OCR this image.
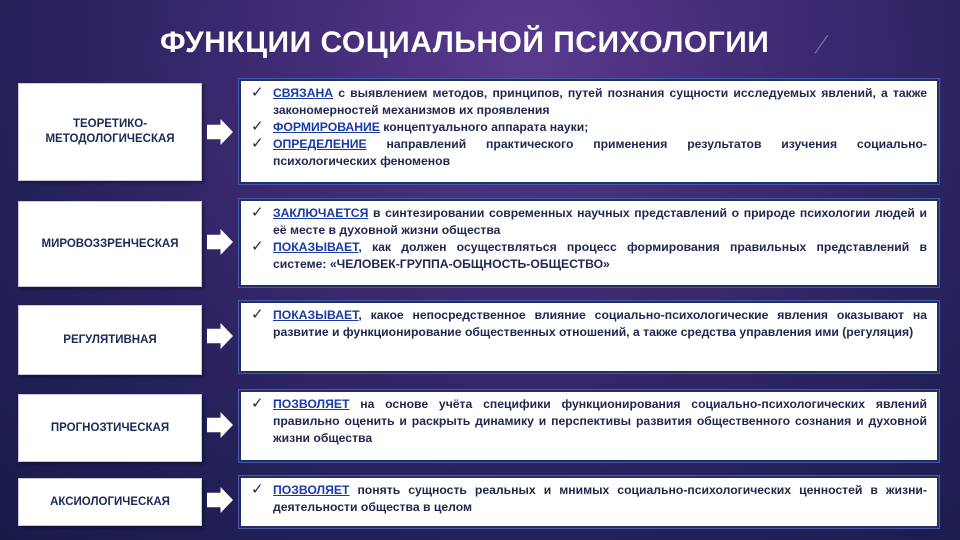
ФУНКЦИИ СОЦИАЛЬНОЙ ПСИХОЛОГИИ
ТЕОРЕТИКО-
МЕТОДОЛОГИЧЕСКАЯ
✓ СВЯЗАНА с выявлением методов, принципов, путей познания сущности исследуемых явлений, а также закономерностей механизмов их проявления
✓ ФОРМИРОВАНИЕ концептуального аппарата науки;
✓ ОПРЕДЕЛЕНИЕ направлений практического применения результатов изучения социально-психологических феноменов
МИРОВОЗЗРЕНЧЕСКАЯ
✓ ЗАКЛЮЧАЕТСЯ в синтезировании современных научных представлений о природе психологии людей и её месте в духовной жизни общества
✓ ПОКАЗЫВАЕТ, как должен осуществляться процесс формирования правильных представлений в системе: «ЧЕЛОВЕК-ГРУППА-ОБЩНОСТЬ-ОБЩЕСТВО»
РЕГУЛЯТИВНАЯ
✓ ПОКАЗЫВАЕТ, какое непосредственное влияние социально-психологические явления оказывают на развитие и функционирование общественных отношений, а также средства управления ими (регуляция)
ПРОГНОЗТИЧЕСКАЯ
✓ ПОЗВОЛЯЕТ на основе учёта специфики функционирования социально-психологических явлений правильно оценить и раскрыть динамику и перспективы развития общественного сознания и духовной жизни общества
АКСИОЛОГИЧЕСКАЯ
✓ ПОЗВОЛЯЕТ понять сущность реальных и мнимых социально-психологических ценностей в жизни-деятельности общества в целом
